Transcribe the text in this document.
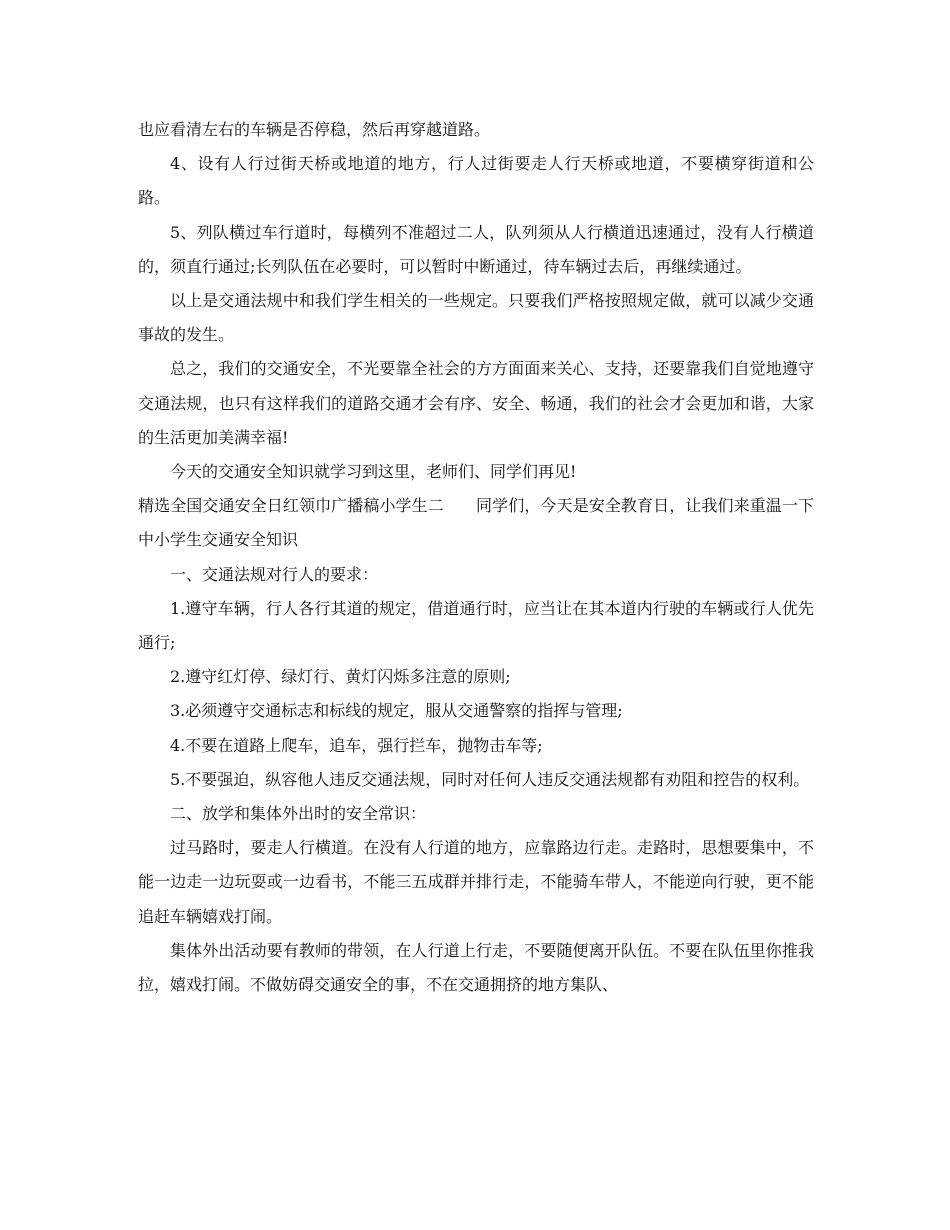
也应看清左右的车辆是否停稳，然后再穿越道路。

4、设有人行过街天桥或地道的地方，行人过街要走人行天桥或地道，不要横穿街道和公路。

5、列队横过车行道时，每横列不准超过二人，队列须从人行横道迅速通过，没有人行横道的，须直行通过;长列队伍在必要时，可以暂时中断通过，待车辆过去后，再继续通过。

以上是交通法规中和我们学生相关的一些规定。只要我们严格按照规定做，就可以减少交通事故的发生。

总之，我们的交通安全，不光要靠全社会的方方面面来关心、支持，还要靠我们自觉地遵守交通法规，也只有这样我们的道路交通才会有序、安全、畅通，我们的社会才会更加和谐，大家的生活更加美满幸福!

今天的交通安全知识就学习到这里，老师们、同学们再见!

精选全国交通安全日红领巾广播稿小学生二　　同学们，今天是安全教育日，让我们来重温一下中小学生交通安全知识

一、交通法规对行人的要求：

1.遵守车辆，行人各行其道的规定，借道通行时，应当让在其本道内行驶的车辆或行人优先通行;

2.遵守红灯停、绿灯行、黄灯闪烁多注意的原则;

3.必须遵守交通标志和标线的规定，服从交通警察的指挥与管理;

4.不要在道路上爬车，追车，强行拦车，抛物击车等;

5.不要强迫，纵容他人违反交通法规，同时对任何人违反交通法规都有劝阻和控告的权利。

二、放学和集体外出时的安全常识：

过马路时，要走人行横道。在没有人行道的地方，应靠路边行走。走路时，思想要集中，不能一边走一边玩耍或一边看书，不能三五成群并排行走，不能骑车带人，不能逆向行驶，更不能追赶车辆嬉戏打闹。

集体外出活动要有教师的带领，在人行道上行走，不要随便离开队伍。不要在队伍里你推我拉，嬉戏打闹。不做妨碍交通安全的事，不在交通拥挤的地方集队、
